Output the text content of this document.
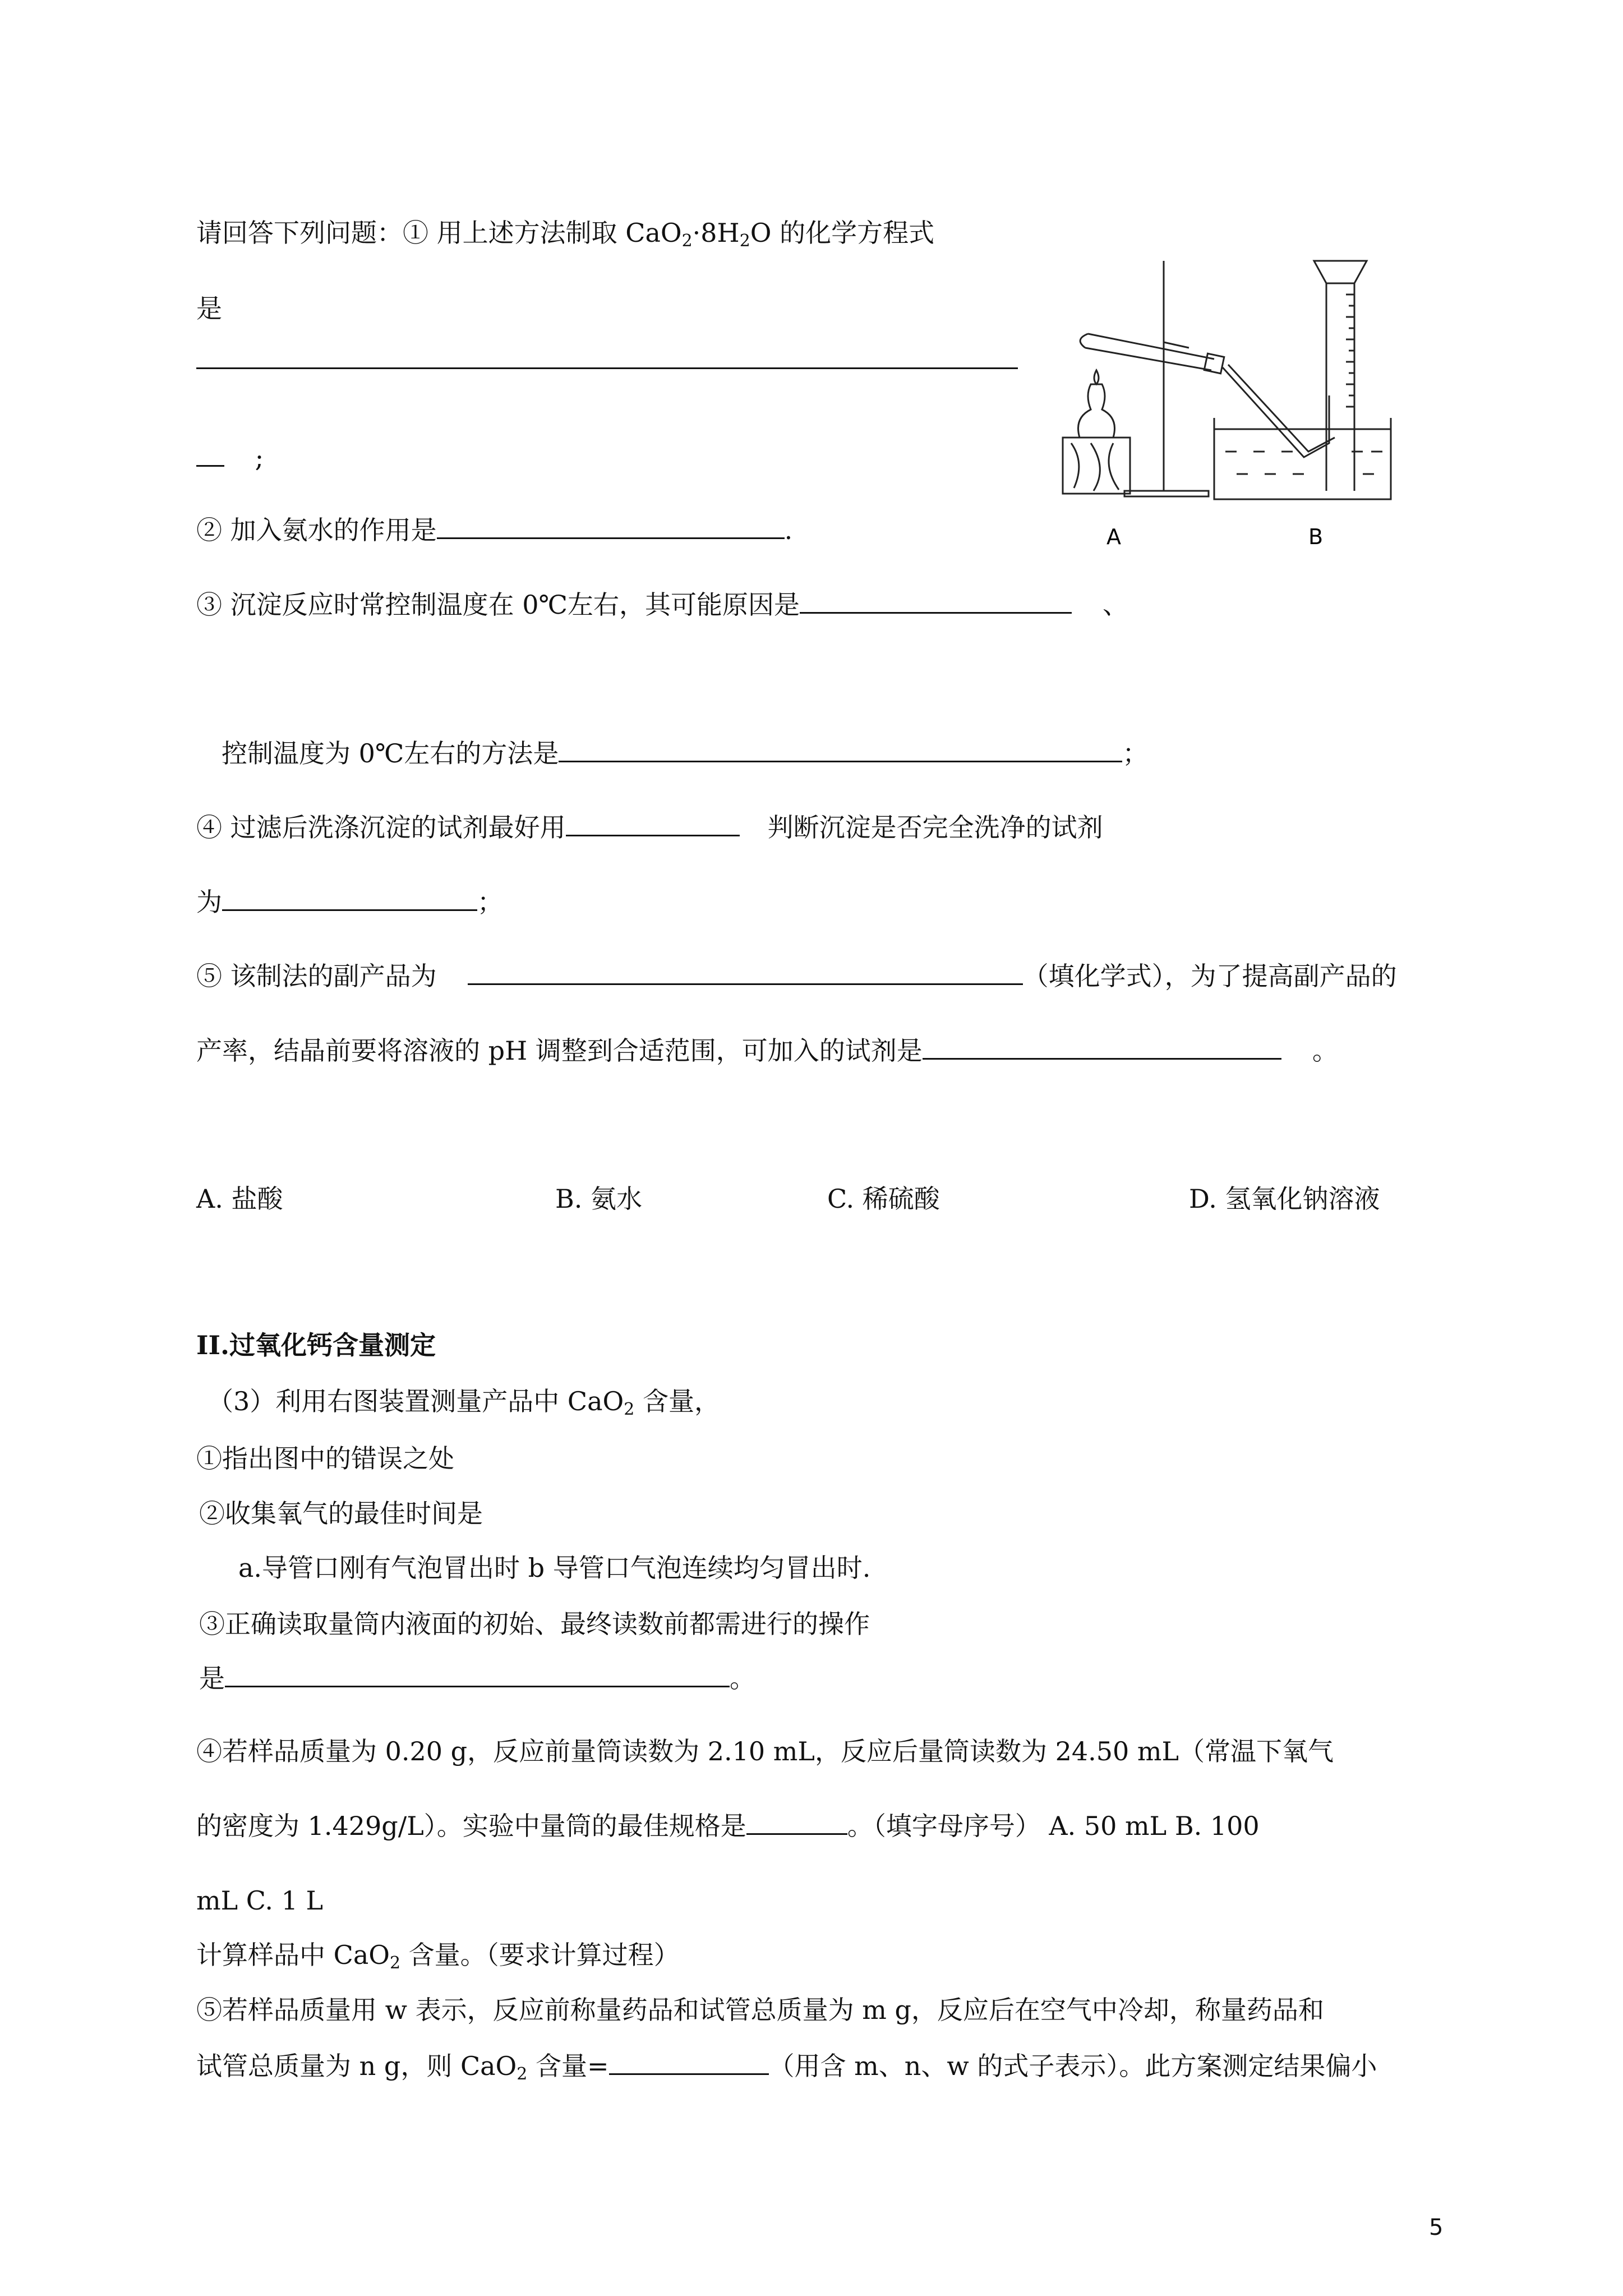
请回答下列问题：① 用上述方法制取 $CaO_2\cdot 8H_2O$ 的化学方程式
是
;
② 加入氨水的作用是	.
③ 沉淀反应时常控制温度在 0℃左右，其可能原因是	、
控制温度为 0℃左右的方法是	；
④ 过滤后洗涤沉淀的试剂最好用	判断沉淀是否完全洗净的试剂
为	；
⑤ 该制法的副产品为	（填化学式），为了提高副产品的
产率，结晶前要将溶液的 pH 调整到合适范围，可加入的试剂是	。
A. 盐酸	B. 氨水	C. 稀硫酸	D. 氢氧化钠溶液
II.过氧化钙含量测定
（3）利用右图装置测量产品中 CaO$_2$ 含量，
①指出图中的错误之处
②收集氧气的最佳时间是
a.导管口刚有气泡冒出时 b 导管口气泡连续均匀冒出时.
③正确读取量筒内液面的初始、最终读数前都需进行的操作
是	。
④若样品质量为 0.20 g，反应前量筒读数为 2.10 mL，反应后量筒读数为 24.50 mL（常温下氧气
的密度为 1.429g/L）。实验中量筒的最佳规格是	。（填字母序号） A. 50 mL B. 100
mL C. 1 L
计算样品中 CaO$_2$ 含量。（要求计算过程）
⑤若样品质量用 w 表示，反应前称量药品和试管总质量为 m g，反应后在空气中冷却，称量药品和
试管总质量为 n g，则 CaO$_2$ 含量=	（用含 m、n、w 的式子表示）。此方案测定结果偏小
A	B
5
